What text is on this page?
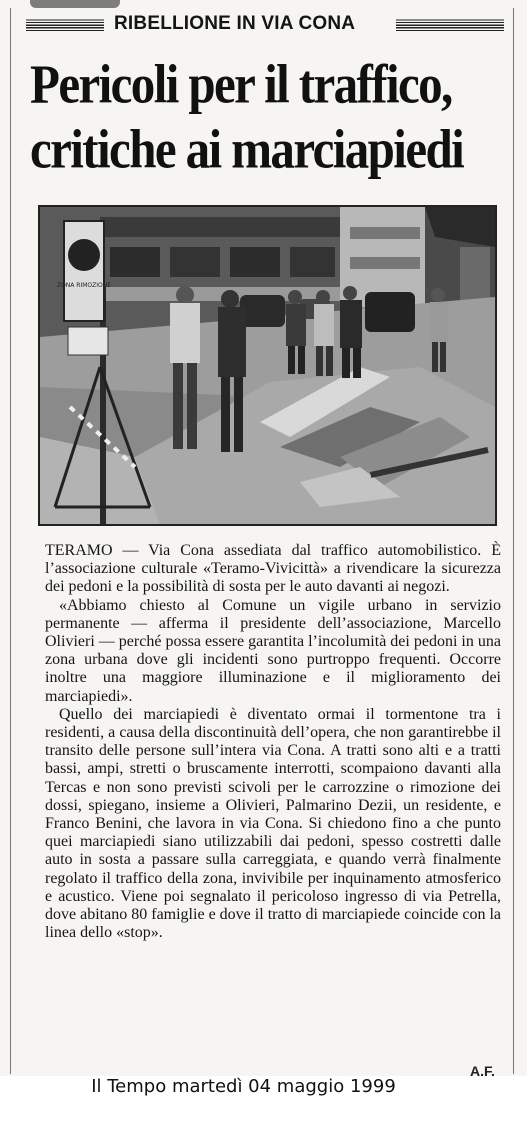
RIBELLIONE IN VIA CONA
Pericoli per il traffico,
critiche ai marciapiedi
ZONA RIMOZIONE

TERAMO — Via Cona assediata dal traffico automobilistico. È l’associazione culturale «Teramo-Vivicittà» a rivendicare la sicurezza dei pedoni e la possibilità di sosta per le auto davanti ai negozi.

«Abbiamo chiesto al Comune un vigile urbano in servizio permanente — afferma il presidente dell’associazione, Marcello Olivieri — perché possa essere garantita l’incolumità dei pedoni in una zona urbana dove gli incidenti sono purtroppo frequenti. Occorre inoltre una maggiore illuminazione e il miglioramento dei marciapiedi».

Quello dei marciapiedi è diventato ormai il tormentone tra i residenti, a causa della discontinuità dell’opera, che non garantirebbe il transito delle persone sull’intera via Cona. A tratti sono alti e a tratti bassi, ampi, stretti o bruscamente interrotti, scompaiono davanti alla Tercas e non sono previsti scivoli per le carrozzine o rimozione dei dossi, spiegano, insieme a Olivieri, Palmarino Dezii, un residente, e Franco Benini, che lavora in via Cona. Si chiedono fino a che punto quei marciapiedi siano utilizzabili dai pedoni, spesso costretti dalle auto in sosta a passare sulla carreggiata, e quando verrà finalmente regolato il traffico della zona, invivibile per inquinamento atmosferico e acustico. Viene poi segnalato il pericoloso ingresso di via Petrella, dove abitano 80 famiglie e dove il tratto di marciapiede coincide con la linea dello «stop».

A.F.
Il Tempo martedì 04 maggio 1999
